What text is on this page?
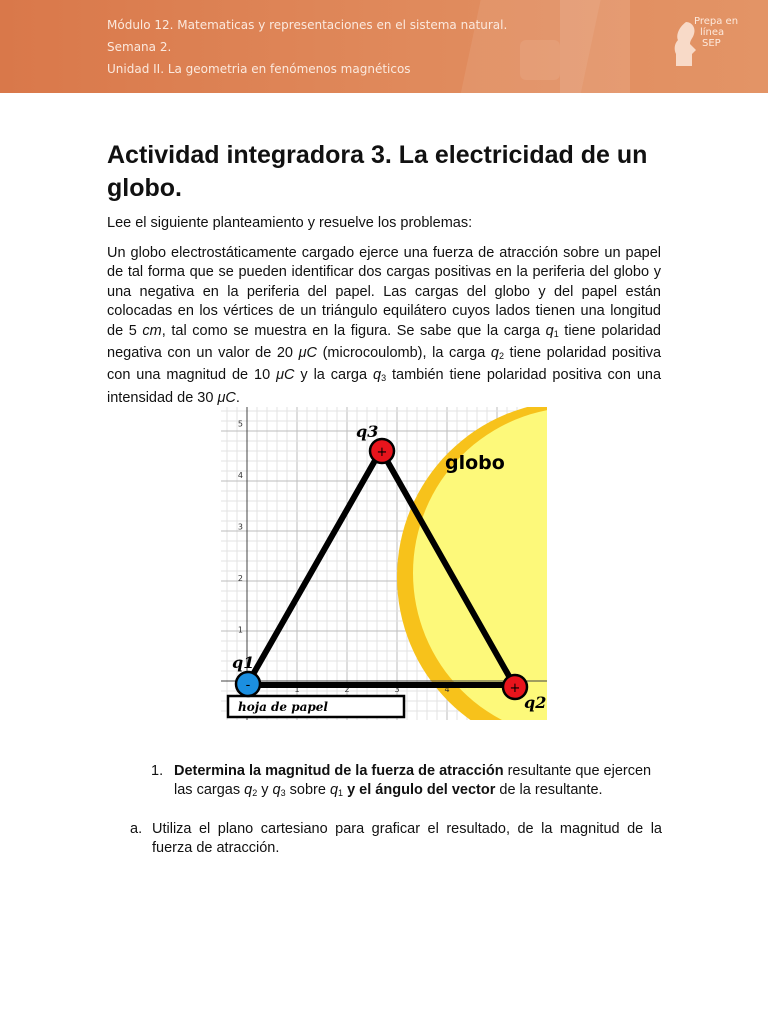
Módulo 12. Matematicas y representaciones en el sistema natural.
Semana 2.
Unidad II. La geometria en fenómenos magnéticos
Prepa en
línea
SEP
Actividad integradora 3. La electricidad de un globo.

Lee el siguiente planteamiento y resuelve los problemas:

Un globo electrostáticamente cargado ejerce una fuerza de atracción sobre un papel de tal forma que se pueden identificar dos cargas positivas en la periferia del globo y una negativa en la periferia del papel. Las cargas del globo y del papel están colocadas en los vértices de un triángulo equilátero cuyos lados tienen una longitud de 5 cm, tal como se muestra en la figura. Se sabe que la carga $q_1$ tiene polaridad negativa con un valor de 20 μC (microcoulomb), la carga $q_2$ tiene polaridad positiva con una magnitud de 10 μC y la carga $q_3$ también tiene polaridad positiva con una intensidad de 30 μC.

1	2	3	4
1
2
3
4
5
hoja de papel
-	+
+
q1
q2
q3
globo
1. Determina la magnitud de la fuerza de atracción resultante que ejercen las cargas $q_2$ y $q_3$ sobre $q_1$ y el ángulo del vector de la resultante.
a. Utiliza el plano cartesiano para graficar el resultado, de la magnitud de la fuerza de atracción.
